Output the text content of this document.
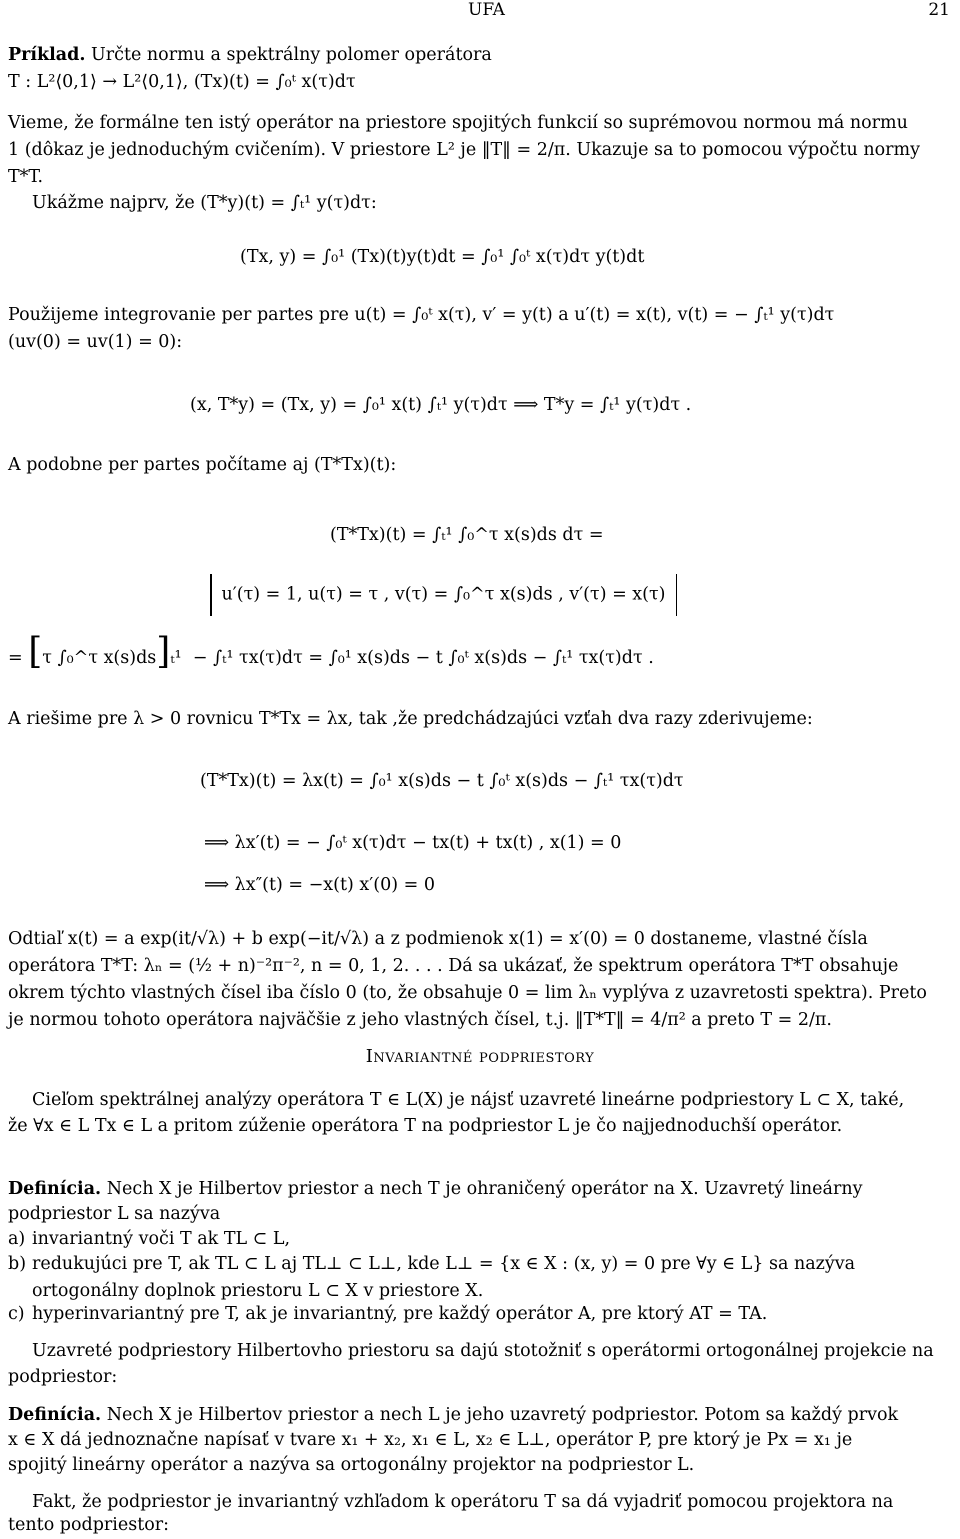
UFA	21
Príklad. Určte normu a spektrálny polomer operátora
T : L²⟨0,1⟩ → L²⟨0,1⟩, (Tx)(t) = ∫₀ᵗ x(τ)dτ
Vieme, že formálne ten istý operátor na priestore spojitých funkcií so suprémovou normou má normu
1 (dôkaz je jednoduchým cvičením). V priestore L² je ‖T‖ = 2/π. Ukazuje sa to pomocou výpočtu normy
T*T.
Ukážme najprv, že (T*y)(t) = ∫ₜ¹ y(τ)dτ:
(Tx, y) = ∫₀¹ (Tx)(t)y(t)dt = ∫₀¹ ∫₀ᵗ x(τ)dτ y(t)dt
Použijeme integrovanie per partes pre u(t) = ∫₀ᵗ x(τ), v′ = y(t) a u′(t) = x(t), v(t) = − ∫ₜ¹ y(τ)dτ
(uv(0) = uv(1) = 0):
(x, T*y) = (Tx, y) = ∫₀¹ x(t) ∫ₜ¹ y(τ)dτ ⟹ T*y = ∫ₜ¹ y(τ)dτ .
A podobne per partes počítame aj (T*Tx)(t):
(T*Tx)(t) = ∫ₜ¹ ∫₀^τ x(s)ds dτ =
u′(τ) = 1, u(τ) = τ , v(τ) = ∫₀^τ x(s)ds , v′(τ) = x(τ)
= [τ ∫₀^τ x(s)ds]ₜ¹ − ∫ₜ¹ τx(τ)dτ = ∫₀¹ x(s)ds − t ∫₀ᵗ x(s)ds − ∫ₜ¹ τx(τ)dτ .
A riešime pre λ > 0 rovnicu T*Tx = λx, tak ,že predchádzajúci vzťah dva razy zderivujeme:
(T*Tx)(t) = λx(t) = ∫₀¹ x(s)ds − t ∫₀ᵗ x(s)ds − ∫ₜ¹ τx(τ)dτ
⟹ λx′(t) = − ∫₀ᵗ x(τ)dτ − tx(t) + tx(t) , x(1) = 0
⟹ λx″(t) = −x(t) x′(0) = 0
Odtiaľ x(t) = a exp(it/√λ) + b exp(−it/√λ) a z podmienok x(1) = x′(0) = 0 dostaneme, vlastné čísla
operátora T*T: λₙ = (½ + n)⁻²π⁻², n = 0, 1, 2. . . . Dá sa ukázať, že spektrum operátora T*T obsahuje
okrem týchto vlastných čísel iba číslo 0 (to, že obsahuje 0 = lim λₙ vyplýva z uzavretosti spektra). Preto
je normou tohoto operátora najväčšie z jeho vlastných čísel, t.j. ‖T*T‖ = 4/π² a preto T = 2/π.
Invariantné podpriestory
Cieľom spektrálnej analýzy operátora T ∈ L(X) je nájsť uzavreté lineárne podpriestory L ⊂ X, také,
že ∀x ∈ L Tx ∈ L a pritom zúženie operátora T na podpriestor L je čo najjednoduchší operátor.
Definícia. Nech X je Hilbertov priestor a nech T je ohraničený operátor na X. Uzavretý lineárny
podpriestor L sa nazýva
a) invariantný voči T ak TL ⊂ L,
b) redukujúci pre T, ak TL ⊂ L aj TL⊥ ⊂ L⊥, kde L⊥ = {x ∈ X : (x, y) = 0 pre ∀y ∈ L} sa nazýva
ortogonálny doplnok priestoru L ⊂ X v priestore X.
c) hyperinvariantný pre T, ak je invariantný, pre každý operátor A, pre ktorý AT = TA.
Uzavreté podpriestory Hilbertovho priestoru sa dajú stotožniť s operátormi ortogonálnej projekcie na
podpriestor:
Definícia. Nech X je Hilbertov priestor a nech L je jeho uzavretý podpriestor. Potom sa každý prvok
x ∈ X dá jednoznačne napísať v tvare x₁ + x₂, x₁ ∈ L, x₂ ∈ L⊥, operátor P, pre ktorý je Px = x₁ je
spojitý lineárny operátor a nazýva sa ortogonálny projektor na podpriestor L.
Fakt, že podpriestor je invariantný vzhľadom k operátoru T sa dá vyjadriť pomocou projektora na
tento podpriestor:
